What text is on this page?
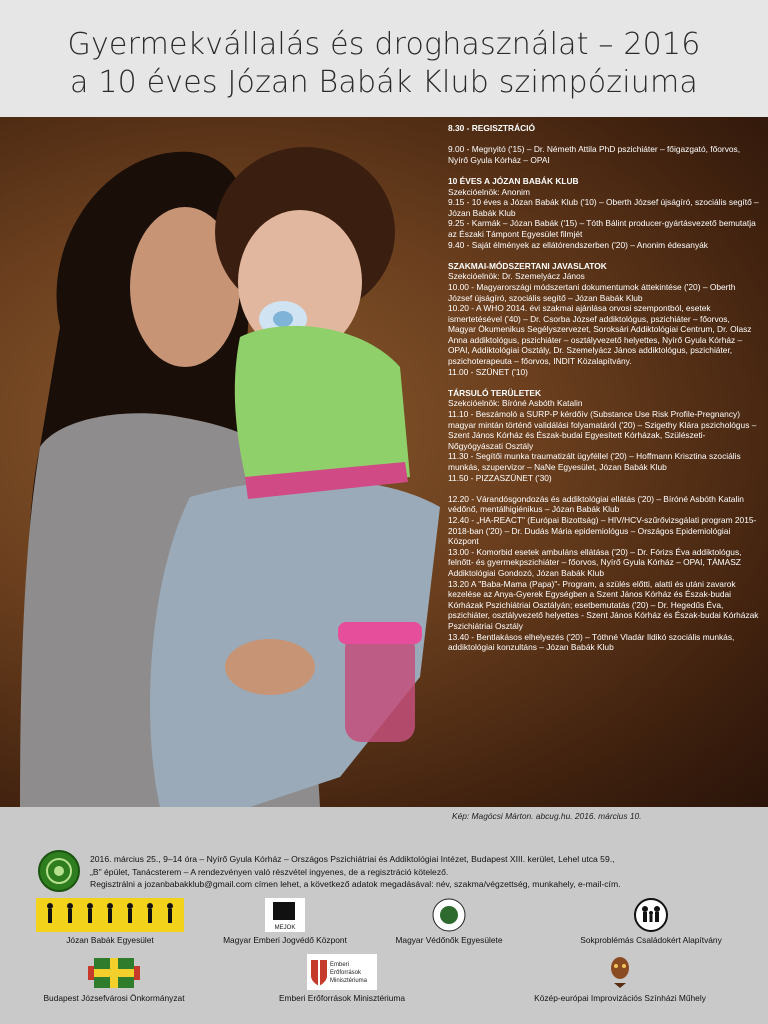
Gyermekvállalás és droghasználat – 2016
a 10 éves Józan Babák Klub szimpóziuma

8.30 - REGISZTRÁCIÓ

9.00 - Megnyitó ('15) – Dr. Németh Attila PhD pszichiáter – főigazgató, főorvos, Nyírő Gyula Kórház – OPAI

10 ÉVES A JÓZAN BABÁK KLUB

Szekcióelnök: Anonim

9.15 - 10 éves a Józan Babák Klub ('10) – Oberth József újságíró, szociális segítő – Józan Babák Klub

9.25 - Karmák – Józan Babák ('15) – Tóth Bálint producer-gyártásvezető bemutatja az Északi Támpont Egyesület filmjét

9.40 - Saját élmények az ellátórendszerben ('20) – Anonim édesanyák

SZAKMAI-MÓDSZERTANI JAVASLATOK

Szekcióelnök: Dr. Szemelyácz János

10.00 - Magyarországi módszertani dokumentumok áttekintése ('20) – Oberth József újságíró, szociális segítő – Józan Babák Klub

10.20 - A WHO 2014. évi szakmai ajánlása orvosi szempontból, esetek ismertetésével ('40) – Dr. Csorba József addiktológus, pszichiáter – főorvos, Magyar Ökumenikus Segélyszervezet, Soroksári Addiktológiai Centrum, Dr. Olasz Anna addiktológus, pszichiáter – osztályvezető helyettes, Nyírő Gyula Kórház – OPAI, Addiktológiai Osztály, Dr. Szemelyácz János addiktológus, pszichiáter, pszichoterapeuta – főorvos, INDIT Közalapítvány.

11.00 - SZÜNET ('10)

TÁRSULÓ TERÜLETEK

Szekcióelnök: Bíróné Asbóth Katalin

11.10 - Beszámoló a SURP-P kérdőív (Substance Use Risk Profile-Pregnancy) magyar mintán történő validálási folyamatáról ('20) – Szigethy Klára pszichológus – Szent János Kórház és Észak-budai Egyesített Kórházak, Szülészeti-Nőgyógyászati Osztály

11.30 - Segítői munka traumatizált ügyféllel ('20) – Hoffmann Krisztina szociális munkás, szupervizor – NaNe Egyesület, Józan Babák Klub

11.50 - PIZZASZÜNET ('30)

12.20 - Várandósgondozás és addiktológiai ellátás ('20) – Bíróné Asbóth Katalin védőnő, mentálhigiénikus – Józan Babák Klub

12.40 - „HA-REACT" (Európai Bizottság) – HIV/HCV-szűrővizsgálati program 2015-2018-ban ('20) – Dr. Dudás Mária epidemiológus – Országos Epidemiológiai Központ

13.00 - Komorbid esetek ambuláns ellátása ('20) – Dr. Fórizs Éva addiktológus, felnőtt- és gyermekpszichiáter – főorvos, Nyírő Gyula Kórház – OPAI, TÁMASZ Addiktológiai Gondozó, Józan Babák Klub

13.20 A "Baba-Mama (Papa)"- Program, a szülés előtti, alatti és utáni zavarok kezelése az Anya-Gyerek Egységben a Szent János Kórház és Észak-budai Kórházak Pszichiátriai Osztályán; esetbemutatás ('20) – Dr. Hegedűs Éva, pszichiáter, osztályvezető helyettes - Szent János Kórház és Észak-budai Kórházak Pszichiátriai Osztály

13.40 - Bentlakásos elhelyezés ('20) – Tóthné Vladár Ildikó szociális munkás, addiktológiai konzultáns – Józan Babák Klub

Kép: Magócsi Márton. abcug.hu. 2016. március 10.

2016. március 25., 9–14 óra – Nyírő Gyula Kórház – Országos Pszichiátriai és Addiktológiai Intézet, Budapest XIII. kerület, Lehel utca 59.,

„B" épület, Tanácsterem – A rendezvényen való részvétel ingyenes, de a regisztráció kötelező.

Regisztrálni a jozanbabakklub@gmail.com címen lehet, a következő adatok megadásával: név, szakma/végzettség, munkahely, e-mail-cím.

Józan Babák Egyesület
MEJOK
Magyar Emberi Jogvédő Központ	Magyar Védőnők Egyesülete	Sokproblémás Családokért Alapítvány
Budapest Józsefvárosi Önkormányzat
Emberi
Erőforrások
Minisztériuma
Emberi Erőforrások Minisztériuma	Közép-európai Improvizációs Színházi Műhely
